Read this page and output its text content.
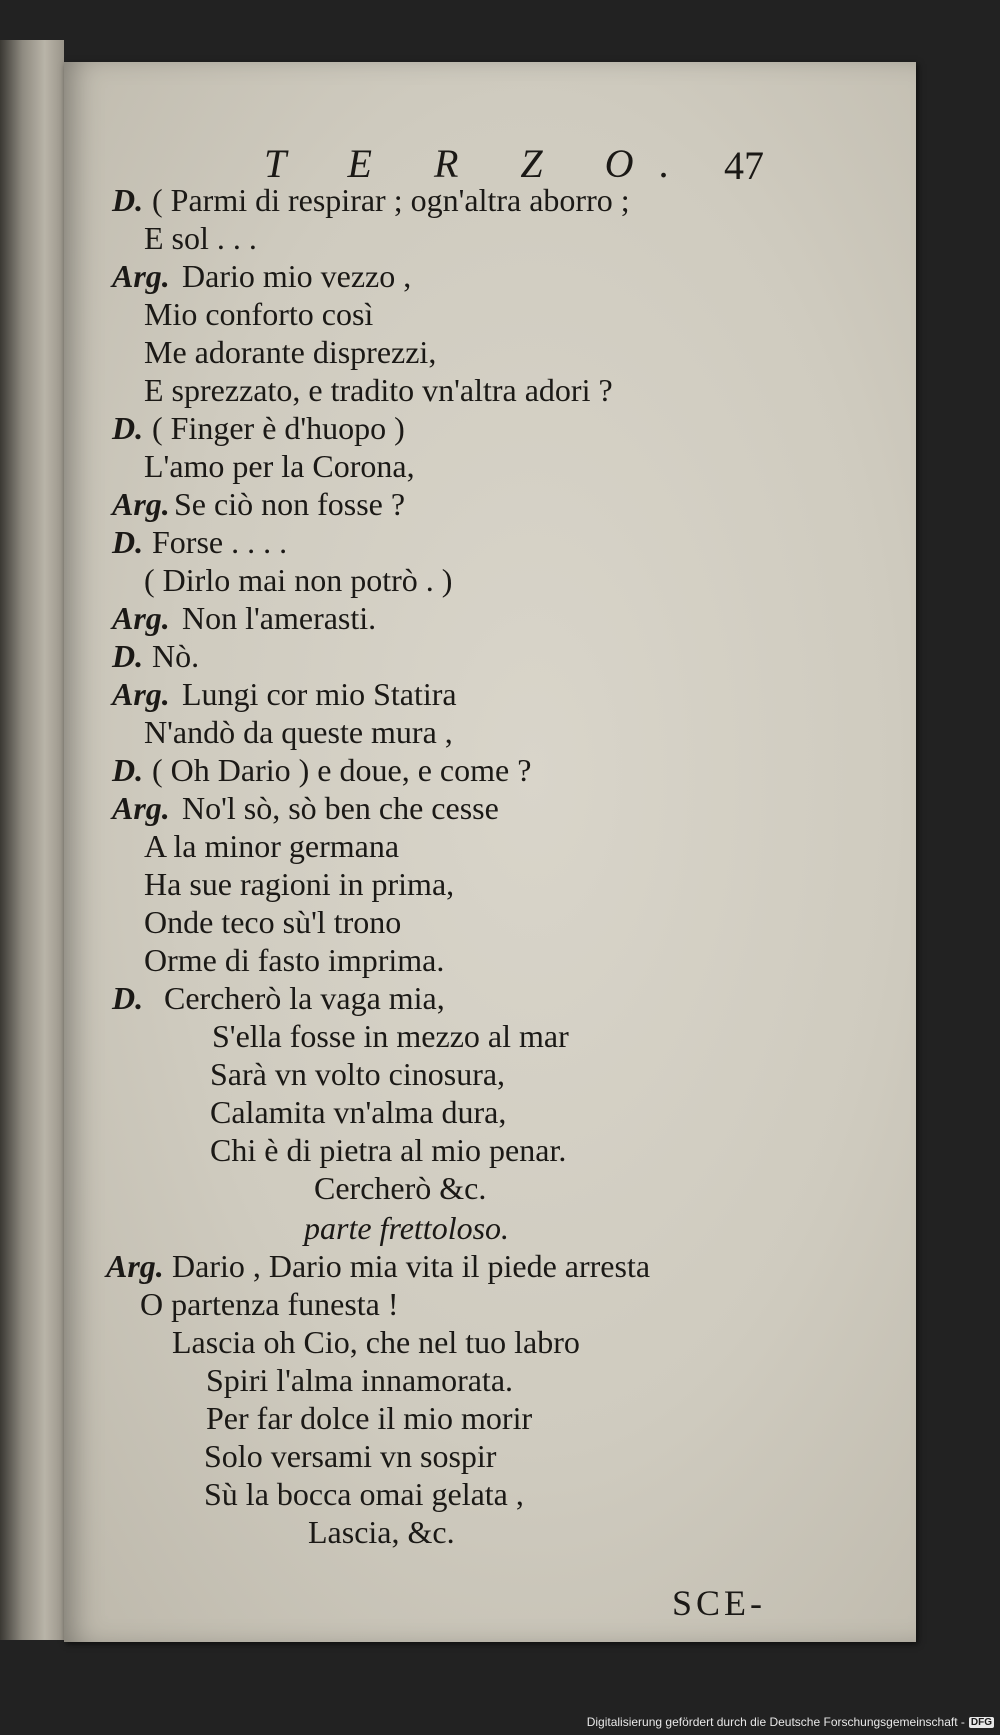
T E R Z O. 47
D. ( Parmi di respirar ; ogn'altra aborro ;
E sol . . .
Arg. Dario mio vezzo ,
Mio conforto così
Me adorante disprezzi,
E sprezzato, e tradito vn'altra adori ?
D. ( Finger è d'huopo )
L'amo per la Corona,
Arg. Se ciò non fosse ?
D. Forse . . . .
( Dirlo mai non potrò . )
Arg. Non l'amerasti.
D. Nò.
Arg. Lungi cor mio Statira
N'andò da queste mura ,
D. ( Oh Dario ) e doue, e come ?
Arg. No'l sò, sò ben che cesse
A la minor germana
Ha sue ragioni in prima,
Onde teco sù'l trono
Orme di fasto imprima.
D. Cercherò la vaga mia,
S'ella fosse in mezzo al mar
Sarà vn volto cinosura,
Calamita vn'alma dura,
Chi è di pietra al mio penar.
Cercherò &c.
parte frettoloso.
Arg. Dario , Dario mia vita il piede arresta
O partenza funesta !
Lascia oh Cio, che nel tuo labro
Spiri l'alma innamorata.
Per far dolce il mio morir
Solo versami vn sospir
Sù la bocca omai gelata ,
Lascia, &c.
SCE-
Digitalisierung gefördert durch die Deutsche Forschungsgemeinschaft - DFG
